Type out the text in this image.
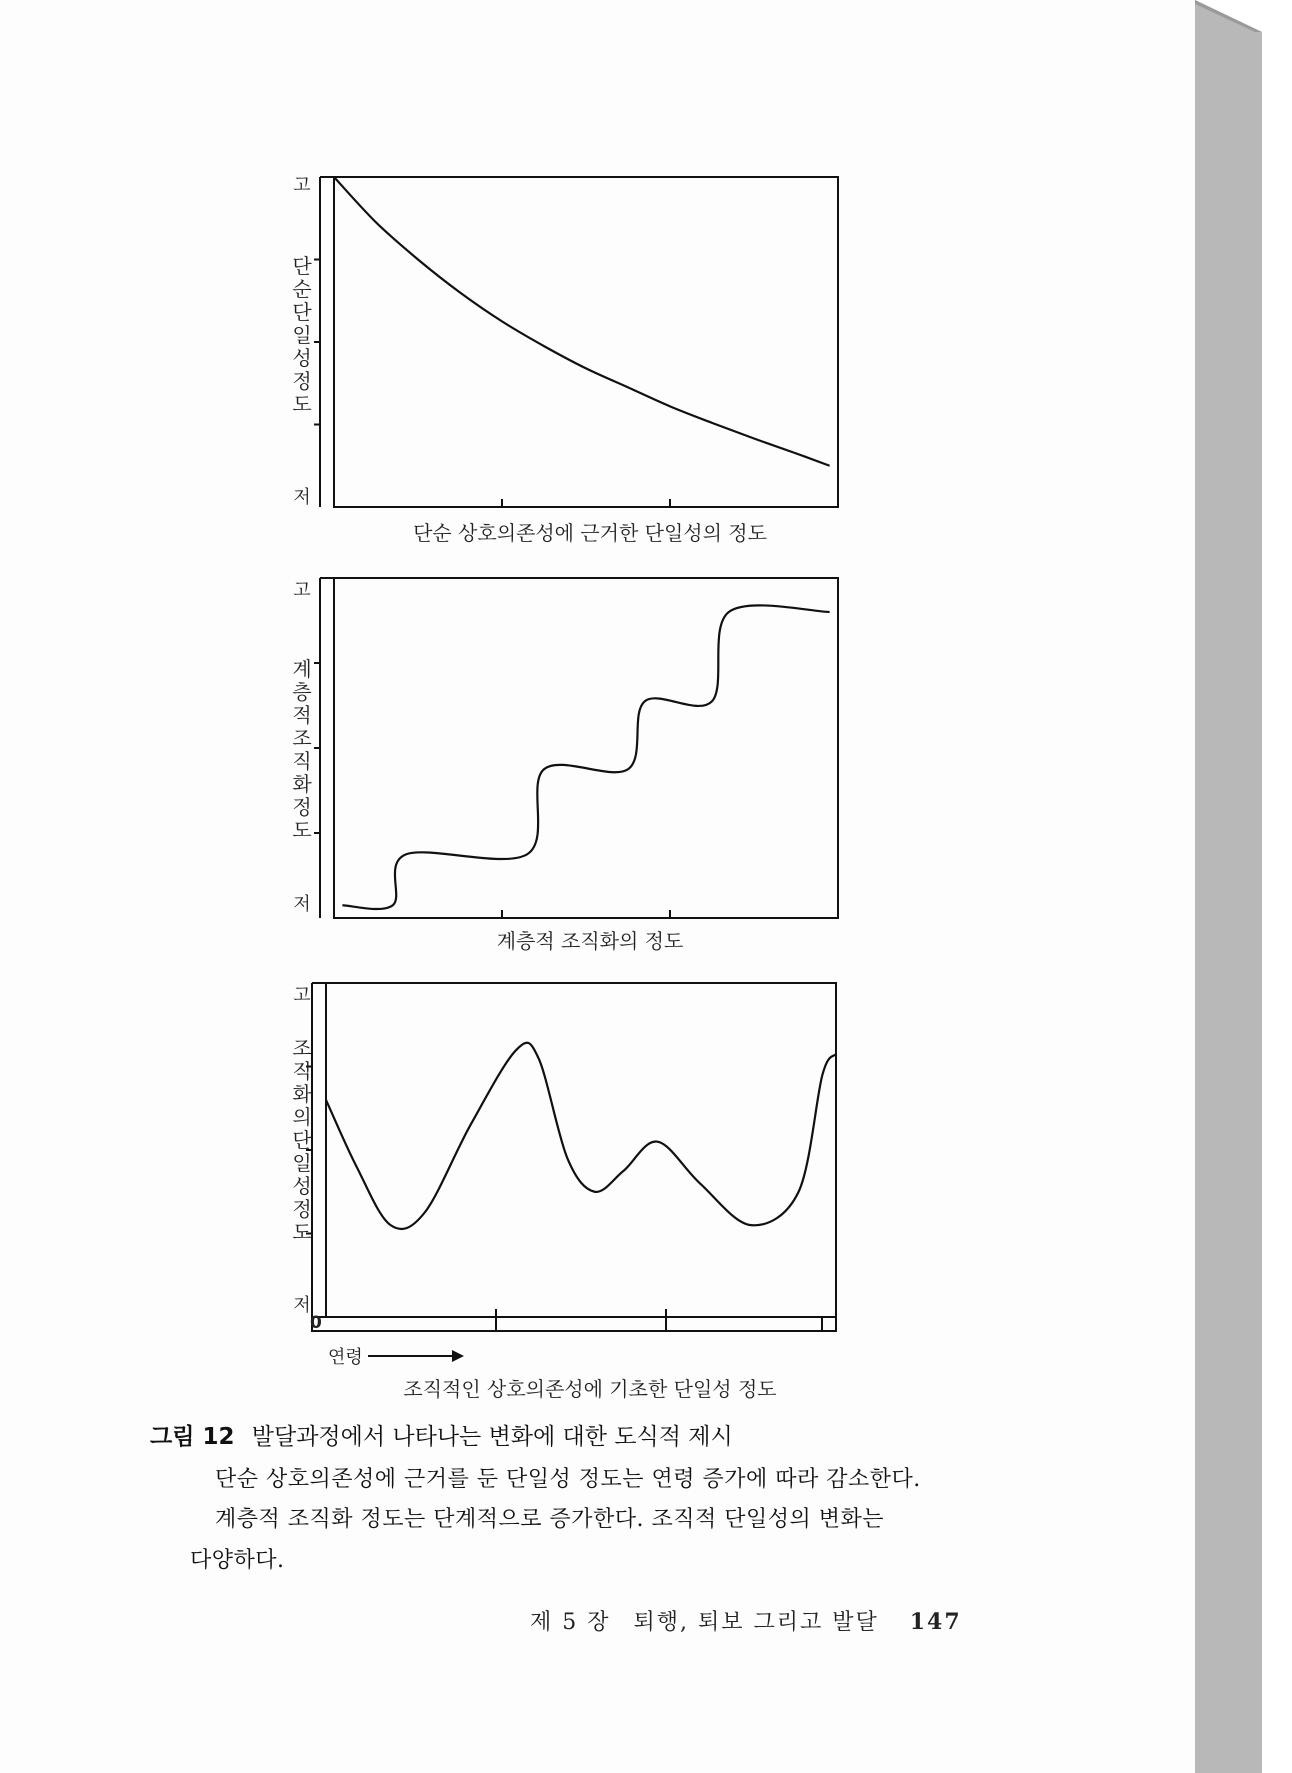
고
단순단일성 정도
저
단순 상호의존성에 근거한 단일성의 정도
고
계층적 조직화정도
저
계층적 조직화의 정도
고
조직화의 단일성정도
저
0
연령
조직적인 상호의존성에 기초한 단일성 정도
그림 12 발달과정에서 나타나는 변화에 대한 도식적 제시
단순 상호의존성에 근거를 둔 단일성 정도는 연령 증가에 따라 감소한다.
계층적 조직화 정도는 단계적으로 증가한다. 조직적 단일성의 변화는
다양하다.
제 5 장 퇴행, 퇴보 그리고 발달 147
